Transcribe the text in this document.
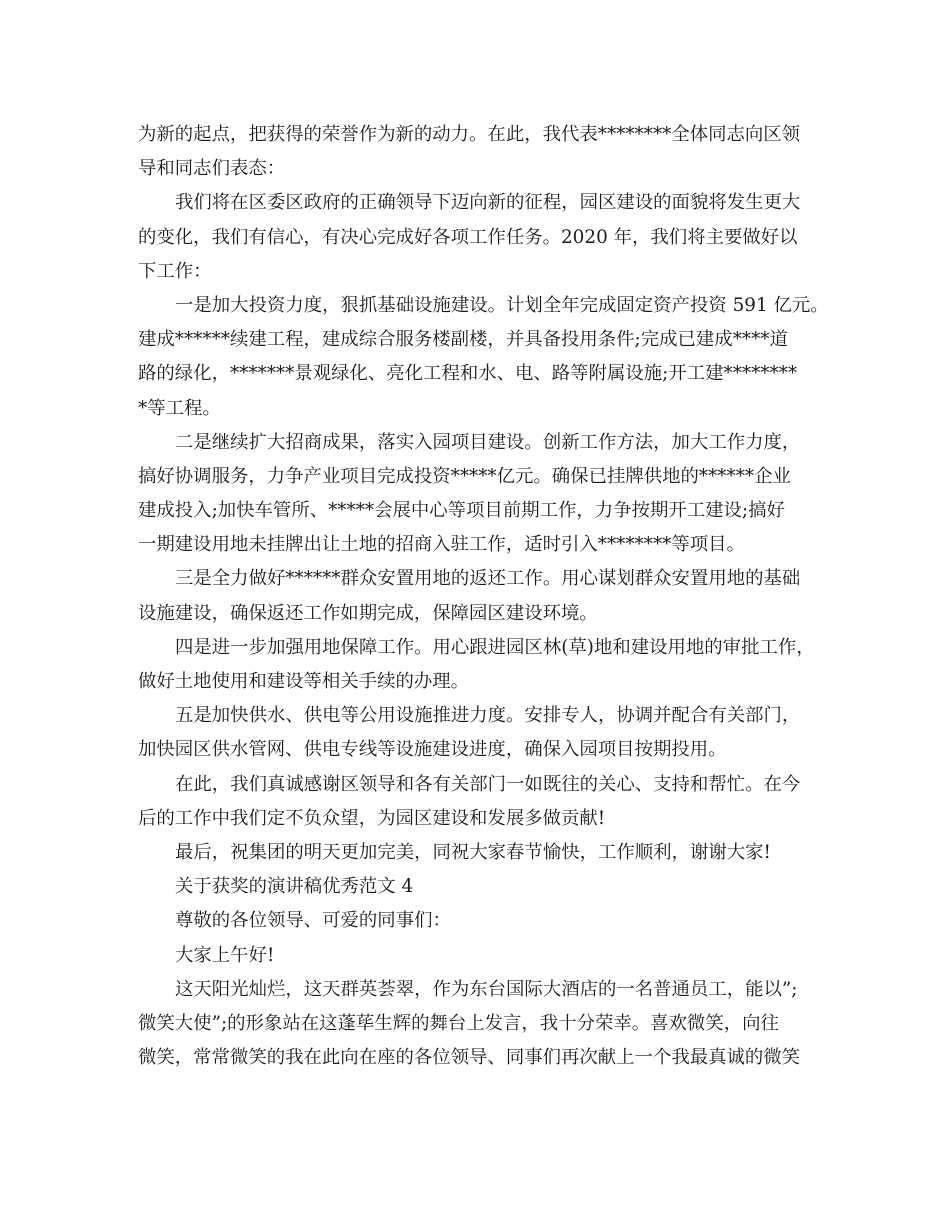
为新的起点，把获得的荣誉作为新的动力。在此，我代表********全体同志向区领
导和同志们表态：
我们将在区委区政府的正确领导下迈向新的征程，园区建设的面貌将发生更大
的变化，我们有信心，有决心完成好各项工作任务。2020 年，我们将主要做好以
下工作：
一是加大投资力度，狠抓基础设施建设。计划全年完成固定资产投资 591 亿元。
建成******续建工程，建成综合服务楼副楼，并具备投用条件;完成已建成****道
路的绿化，*******景观绿化、亮化工程和水、电、路等附属设施;开工建********
*等工程。
二是继续扩大招商成果，落实入园项目建设。创新工作方法，加大工作力度，
搞好协调服务，力争产业项目完成投资*****亿元。确保已挂牌供地的******企业
建成投入;加快车管所、*****会展中心等项目前期工作，力争按期开工建设;搞好
一期建设用地未挂牌出让土地的招商入驻工作，适时引入********等项目。
三是全力做好******群众安置用地的返还工作。用心谋划群众安置用地的基础
设施建设，确保返还工作如期完成，保障园区建设环境。
四是进一步加强用地保障工作。用心跟进园区林(草)地和建设用地的审批工作，
做好土地使用和建设等相关手续的办理。
五是加快供水、供电等公用设施推进力度。安排专人，协调并配合有关部门，
加快园区供水管网、供电专线等设施建设进度，确保入园项目按期投用。
在此，我们真诚感谢区领导和各有关部门一如既往的关心、支持和帮忙。在今
后的工作中我们定不负众望，为园区建设和发展多做贡献!
最后，祝集团的明天更加完美，同祝大家春节愉快，工作顺利，谢谢大家!
关于获奖的演讲稿优秀范文 4
尊敬的各位领导、可爱的同事们：
大家上午好!
这天阳光灿烂，这天群英荟翠，作为东台国际大酒店的一名普通员工，能以”;
微笑大使”;的形象站在这蓬荜生辉的舞台上发言，我十分荣幸。喜欢微笑，向往
微笑，常常微笑的我在此向在座的各位领导、同事们再次献上一个我最真诚的微笑
